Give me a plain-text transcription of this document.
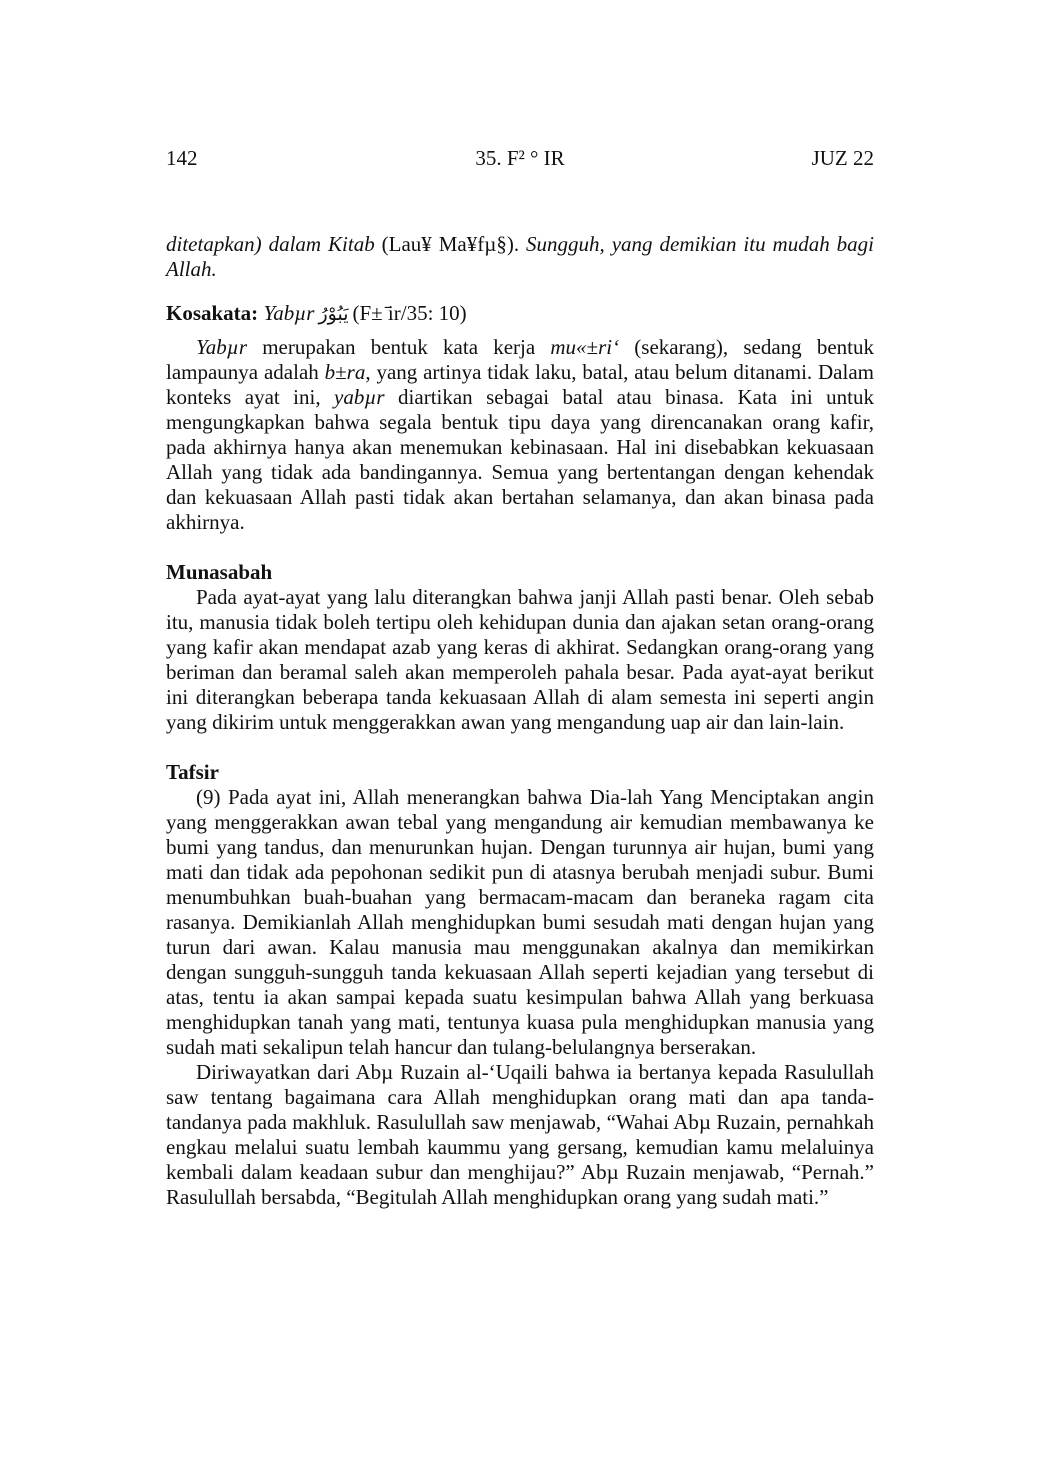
142	35. F² ° IR	JUZ 22

ditetapkan) dalam Kitab (Lau¥ Ma¥fµ§). Sungguh, yang demikian itu mudah bagi Allah.

Kosakata: Yabµr يَبُوْرُ (F± ̄ir/35: 10)

Yabµr merupakan bentuk kata kerja mu«±ri‘ (sekarang), sedang bentuk lampaunya adalah b±ra, yang artinya tidak laku, batal, atau belum ditanami. Dalam konteks ayat ini, yabµr diartikan sebagai batal atau binasa. Kata ini untuk mengungkapkan bahwa segala bentuk tipu daya yang direncanakan orang kafir, pada akhirnya hanya akan menemukan kebinasaan. Hal ini disebabkan kekuasaan Allah yang tidak ada bandingannya. Semua yang bertentangan dengan kehendak dan kekuasaan Allah pasti tidak akan bertahan selamanya, dan akan binasa pada akhirnya.

Munasabah

Pada ayat-ayat yang lalu diterangkan bahwa janji Allah pasti benar. Oleh sebab itu, manusia tidak boleh tertipu oleh kehidupan dunia dan ajakan setan orang-orang yang kafir akan mendapat azab yang keras di akhirat. Sedangkan orang-orang yang beriman dan beramal saleh akan memperoleh pahala besar. Pada ayat-ayat berikut ini diterangkan beberapa tanda kekuasaan Allah di alam semesta ini seperti angin yang dikirim untuk menggerakkan awan yang mengandung uap air dan lain-lain.

Tafsir

(9) Pada ayat ini, Allah menerangkan bahwa Dia-lah Yang Menciptakan angin yang menggerakkan awan tebal yang mengandung air kemudian membawanya ke bumi yang tandus, dan menurunkan hujan. Dengan turunnya air hujan, bumi yang mati dan tidak ada pepohonan sedikit pun di atasnya berubah menjadi subur. Bumi menumbuhkan buah-buahan yang bermacam-macam dan beraneka ragam cita rasanya. Demikianlah Allah menghidupkan bumi sesudah mati dengan hujan yang turun dari awan. Kalau manusia mau menggunakan akalnya dan memikirkan dengan sungguh-sungguh tanda kekuasaan Allah seperti kejadian yang tersebut di atas, tentu ia akan sampai kepada suatu kesimpulan bahwa Allah yang berkuasa menghidupkan tanah yang mati, tentunya kuasa pula menghidupkan manusia yang sudah mati sekalipun telah hancur dan tulang-belulangnya berserakan.

Diriwayatkan dari Abµ Ruzain al-‘Uqaili bahwa ia bertanya kepada Rasulullah saw tentang bagaimana cara Allah menghidupkan orang mati dan apa tanda-tandanya pada makhluk. Rasulullah saw menjawab, “Wahai Abµ Ruzain, pernahkah engkau melalui suatu lembah kaummu yang gersang, kemudian kamu melaluinya kembali dalam keadaan subur dan menghijau?” Abµ Ruzain menjawab, “Pernah.” Rasulullah bersabda, “Begitulah Allah menghidupkan orang yang sudah mati.”
